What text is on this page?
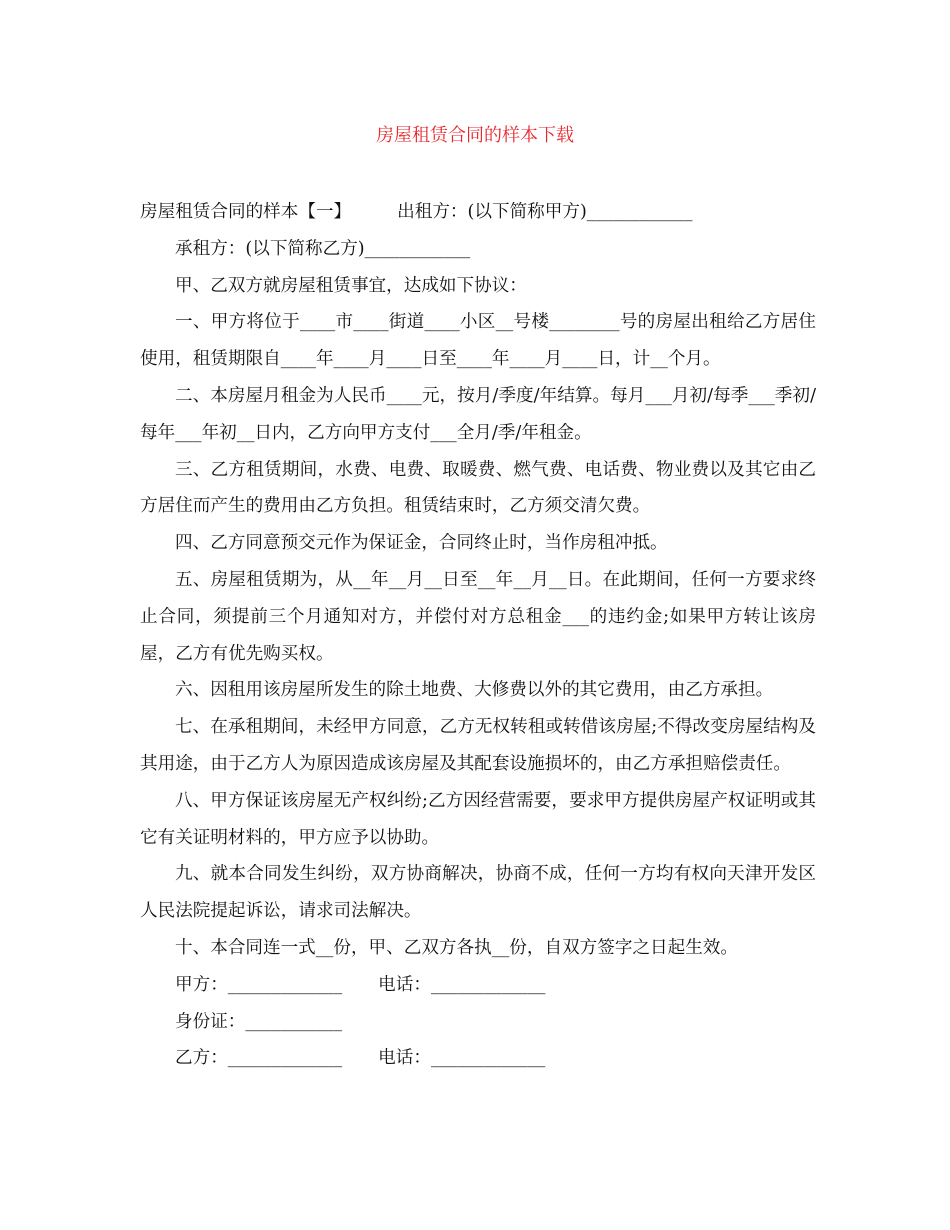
房屋租赁合同的样本下载

房屋租赁合同的样本【一】	出租方：(以下简称甲方)____________

承租方：(以下简称乙方)____________

甲、乙双方就房屋租赁事宜，达成如下协议：

一、甲方将位于____市____街道____小区__号楼________号的房屋出租给乙方居住使用，租赁期限自____年____月____日至____年____月____日，计__个月。

二、本房屋月租金为人民币____元，按月/季度/年结算。每月___月初/每季___季初/每年___年初__日内，乙方向甲方支付___全月/季/年租金。

三、乙方租赁期间，水费、电费、取暖费、燃气费、电话费、物业费以及其它由乙方居住而产生的费用由乙方负担。租赁结束时，乙方须交清欠费。

四、乙方同意预交元作为保证金，合同终止时，当作房租冲抵。

五、房屋租赁期为，从__年__月__日至__年__月__日。在此期间，任何一方要求终止合同，须提前三个月通知对方，并偿付对方总租金___的违约金;如果甲方转让该房屋，乙方有优先购买权。

六、因租用该房屋所发生的除土地费、大修费以外的其它费用，由乙方承担。

七、在承租期间，未经甲方同意，乙方无权转租或转借该房屋;不得改变房屋结构及其用途，由于乙方人为原因造成该房屋及其配套设施损坏的，由乙方承担赔偿责任。

八、甲方保证该房屋无产权纠纷;乙方因经营需要，要求甲方提供房屋产权证明或其它有关证明材料的，甲方应予以协助。

九、就本合同发生纠纷，双方协商解决，协商不成，任何一方均有权向天津开发区人民法院提起诉讼，请求司法解决。

十、本合同连一式__份，甲、乙双方各执__份，自双方签字之日起生效。

甲方：_____________ 电话：_____________

身份证：___________

乙方：_____________ 电话：_____________
